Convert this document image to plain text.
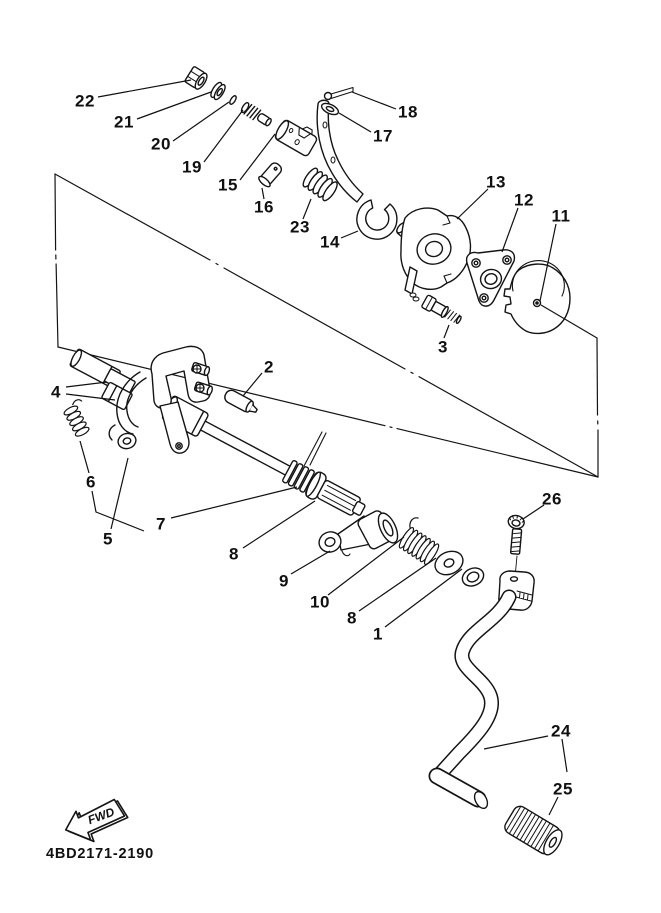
FWD
4BD2171-2190
22
21
20
19
15
16
23
14
18
17
13
12
11
3
2
4
6
5
7
8
9
10
8
1
26
24
25
